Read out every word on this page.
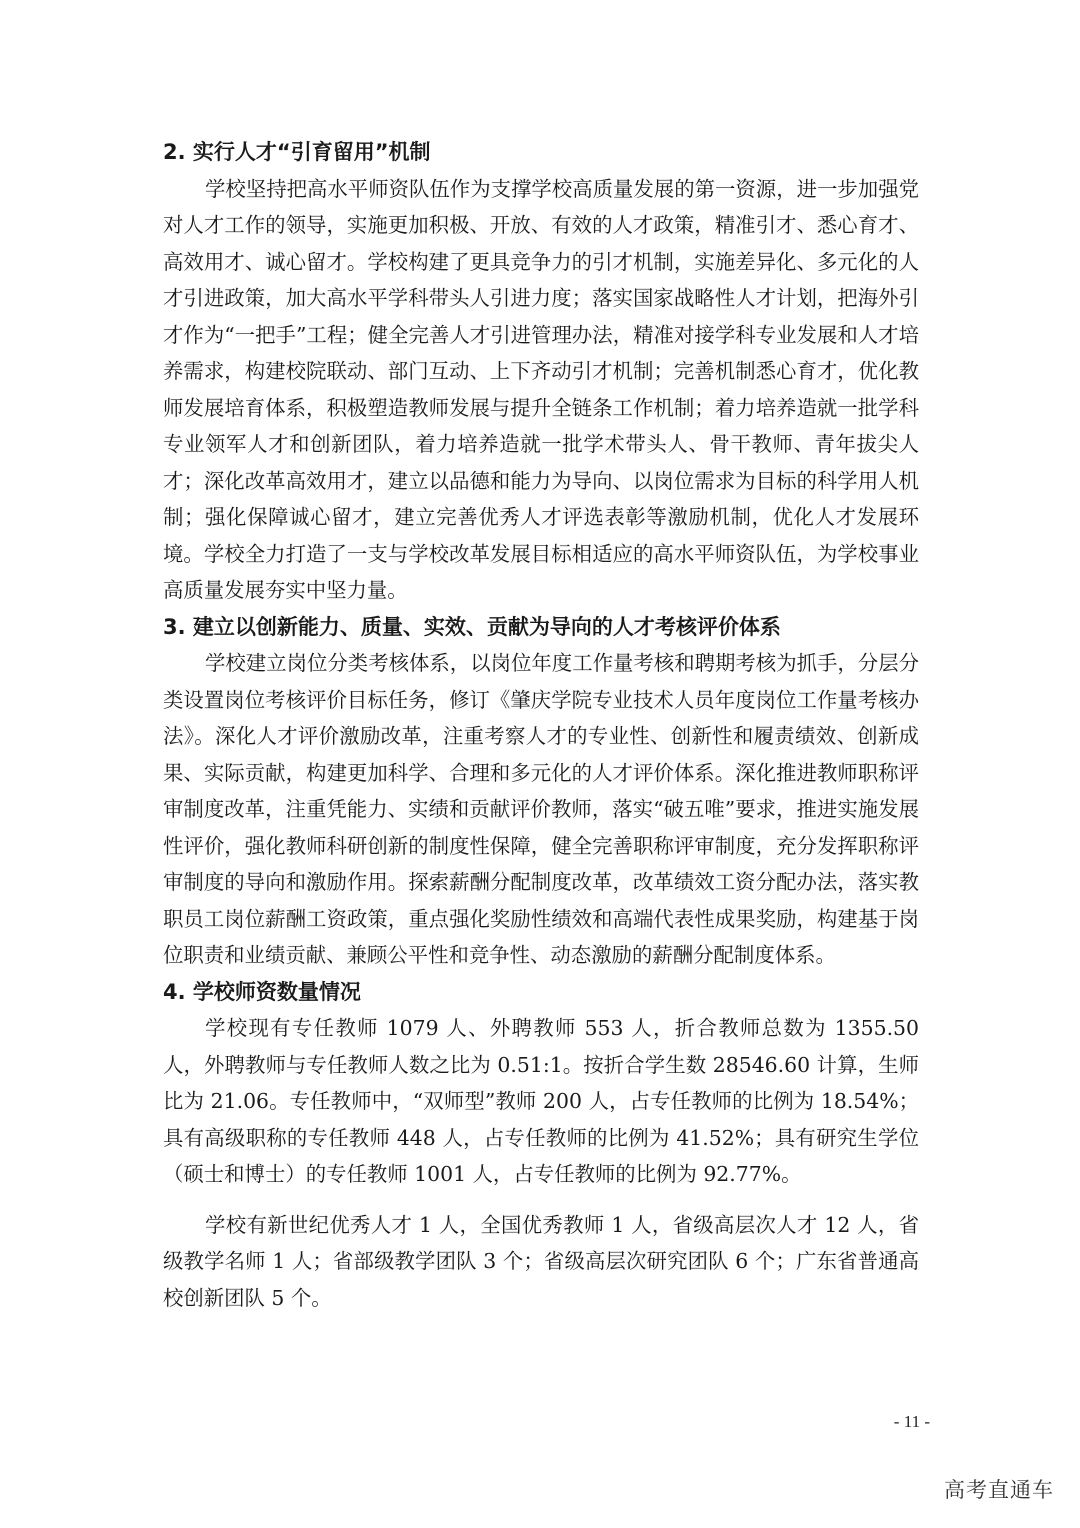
2. 实行人才“引育留用”机制

学校坚持把高水平师资队伍作为支撑学校高质量发展的第一资源，进一步加强党对人才工作的领导，实施更加积极、开放、有效的人才政策，精准引才、悉心育才、高效用才、诚心留才。学校构建了更具竞争力的引才机制，实施差异化、多元化的人才引进政策，加大高水平学科带头人引进力度；落实国家战略性人才计划，把海外引才作为“一把手”工程；健全完善人才引进管理办法，精准对接学科专业发展和人才培养需求，构建校院联动、部门互动、上下齐动引才机制；完善机制悉心育才，优化教师发展培育体系，积极塑造教师发展与提升全链条工作机制；着力培养造就一批学科专业领军人才和创新团队，着力培养造就一批学术带头人、骨干教师、青年拔尖人才；深化改革高效用才，建立以品德和能力为导向、以岗位需求为目标的科学用人机制；强化保障诚心留才，建立完善优秀人才评选表彰等激励机制，优化人才发展环境。学校全力打造了一支与学校改革发展目标相适应的高水平师资队伍，为学校事业高质量发展夯实中坚力量。

3. 建立以创新能力、质量、实效、贡献为导向的人才考核评价体系

学校建立岗位分类考核体系，以岗位年度工作量考核和聘期考核为抓手，分层分类设置岗位考核评价目标任务，修订《肇庆学院专业技术人员年度岗位工作量考核办法》。深化人才评价激励改革，注重考察人才的专业性、创新性和履责绩效、创新成果、实际贡献，构建更加科学、合理和多元化的人才评价体系。深化推进教师职称评审制度改革，注重凭能力、实绩和贡献评价教师，落实“破五唯”要求，推进实施发展性评价，强化教师科研创新的制度性保障，健全完善职称评审制度，充分发挥职称评审制度的导向和激励作用。探索薪酬分配制度改革，改革绩效工资分配办法，落实教职员工岗位薪酬工资政策，重点强化奖励性绩效和高端代表性成果奖励，构建基于岗位职责和业绩贡献、兼顾公平性和竞争性、动态激励的薪酬分配制度体系。

4. 学校师资数量情况

学校现有专任教师 1079 人、外聘教师 553 人，折合教师总数为 1355.50 人，外聘教师与专任教师人数之比为 0.51:1。按折合学生数 28546.60 计算，生师比为 21.06。专任教师中，“双师型”教师 200 人，占专任教师的比例为 18.54%；具有高级职称的专任教师 448 人，占专任教师的比例为 41.52%；具有研究生学位（硕士和博士）的专任教师 1001 人，占专任教师的比例为 92.77%。

学校有新世纪优秀人才 1 人，全国优秀教师 1 人，省级高层次人才 12 人，省级教学名师 1 人；省部级教学团队 3 个；省级高层次研究团队 6 个；广东省普通高校创新团队 5 个。

- 11 -
高考直通车
